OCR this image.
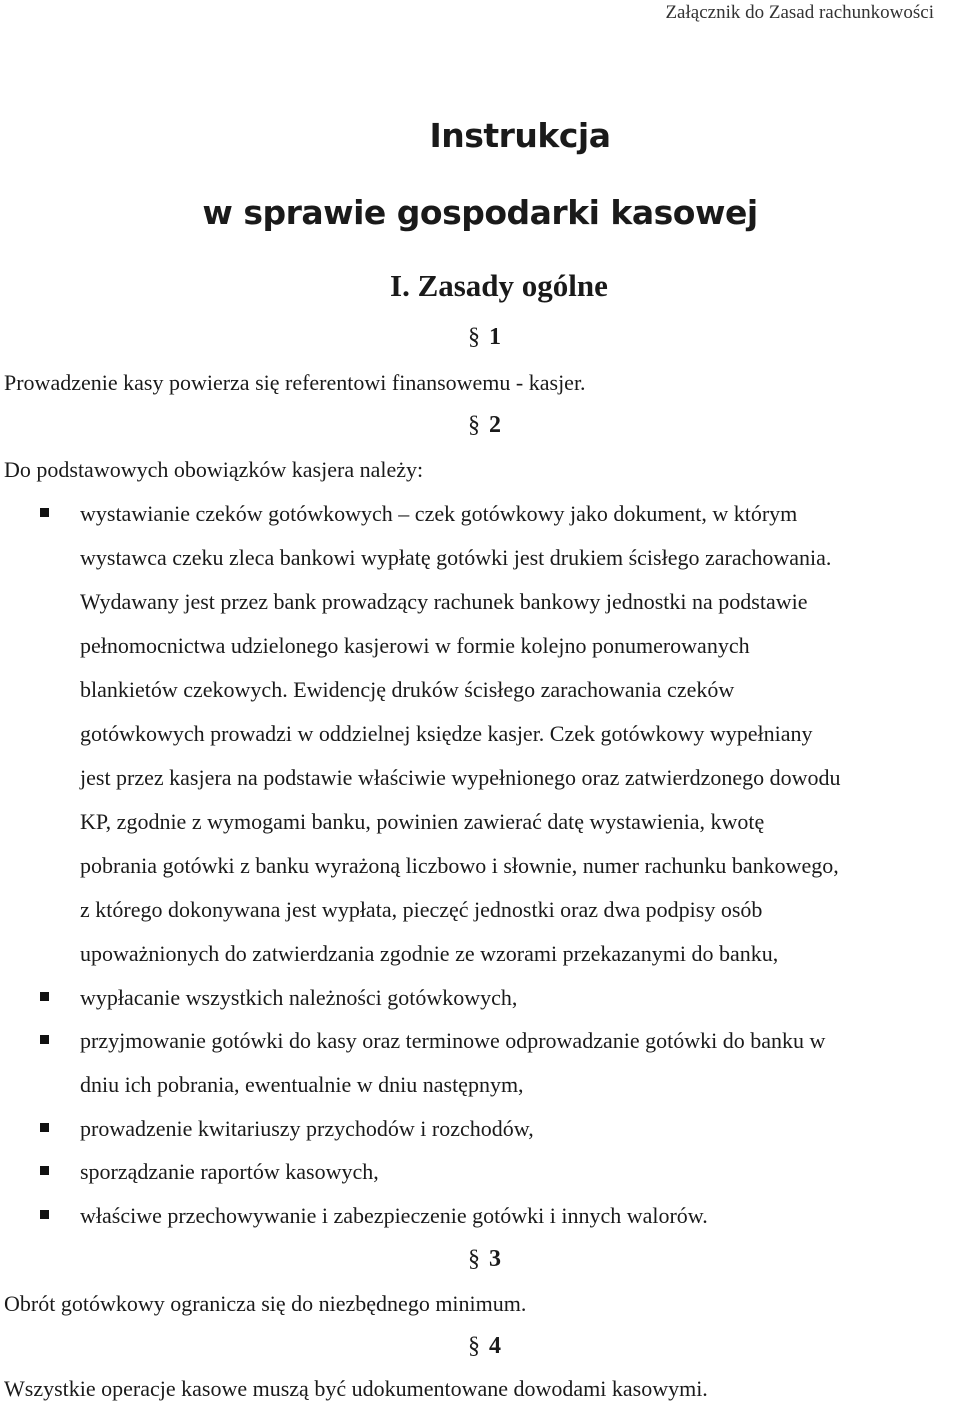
Załącznik do Zasad rachunkowości
Instrukcja
w sprawie gospodarki kasowej
I. Zasady ogólne
§ 1
Prowadzenie kasy powierza się referentowi finansowemu - kasjer.
§ 2
Do podstawowych obowiązków kasjera należy:
wystawianie czeków gotówkowych – czek gotówkowy jako dokument, w którym
wystawca czeku zleca bankowi wypłatę gotówki jest drukiem ścisłego zarachowania.
Wydawany jest przez bank prowadzący rachunek bankowy jednostki na podstawie
pełnomocnictwa udzielonego kasjerowi w formie kolejno ponumerowanych
blankietów czekowych. Ewidencję druków ścisłego zarachowania czeków
gotówkowych prowadzi w oddzielnej księdze kasjer. Czek gotówkowy wypełniany
jest przez kasjera na podstawie właściwie wypełnionego oraz zatwierdzonego dowodu
KP, zgodnie z wymogami banku, powinien zawierać datę wystawienia, kwotę
pobrania gotówki z banku wyrażoną liczbowo i słownie, numer rachunku bankowego,
z którego dokonywana jest wypłata, pieczęć jednostki oraz dwa podpisy osób
upoważnionych do zatwierdzania zgodnie ze wzorami przekazanymi do banku,
wypłacanie wszystkich należności gotówkowych,
przyjmowanie gotówki do kasy oraz terminowe odprowadzanie gotówki do banku w
dniu ich pobrania, ewentualnie w dniu następnym,
prowadzenie kwitariuszy przychodów i rozchodów,
sporządzanie raportów kasowych,
właściwe przechowywanie i zabezpieczenie gotówki i innych walorów.
§ 3
Obrót gotówkowy ogranicza się do niezbędnego minimum.
§ 4
Wszystkie operacje kasowe muszą być udokumentowane dowodami kasowymi.
